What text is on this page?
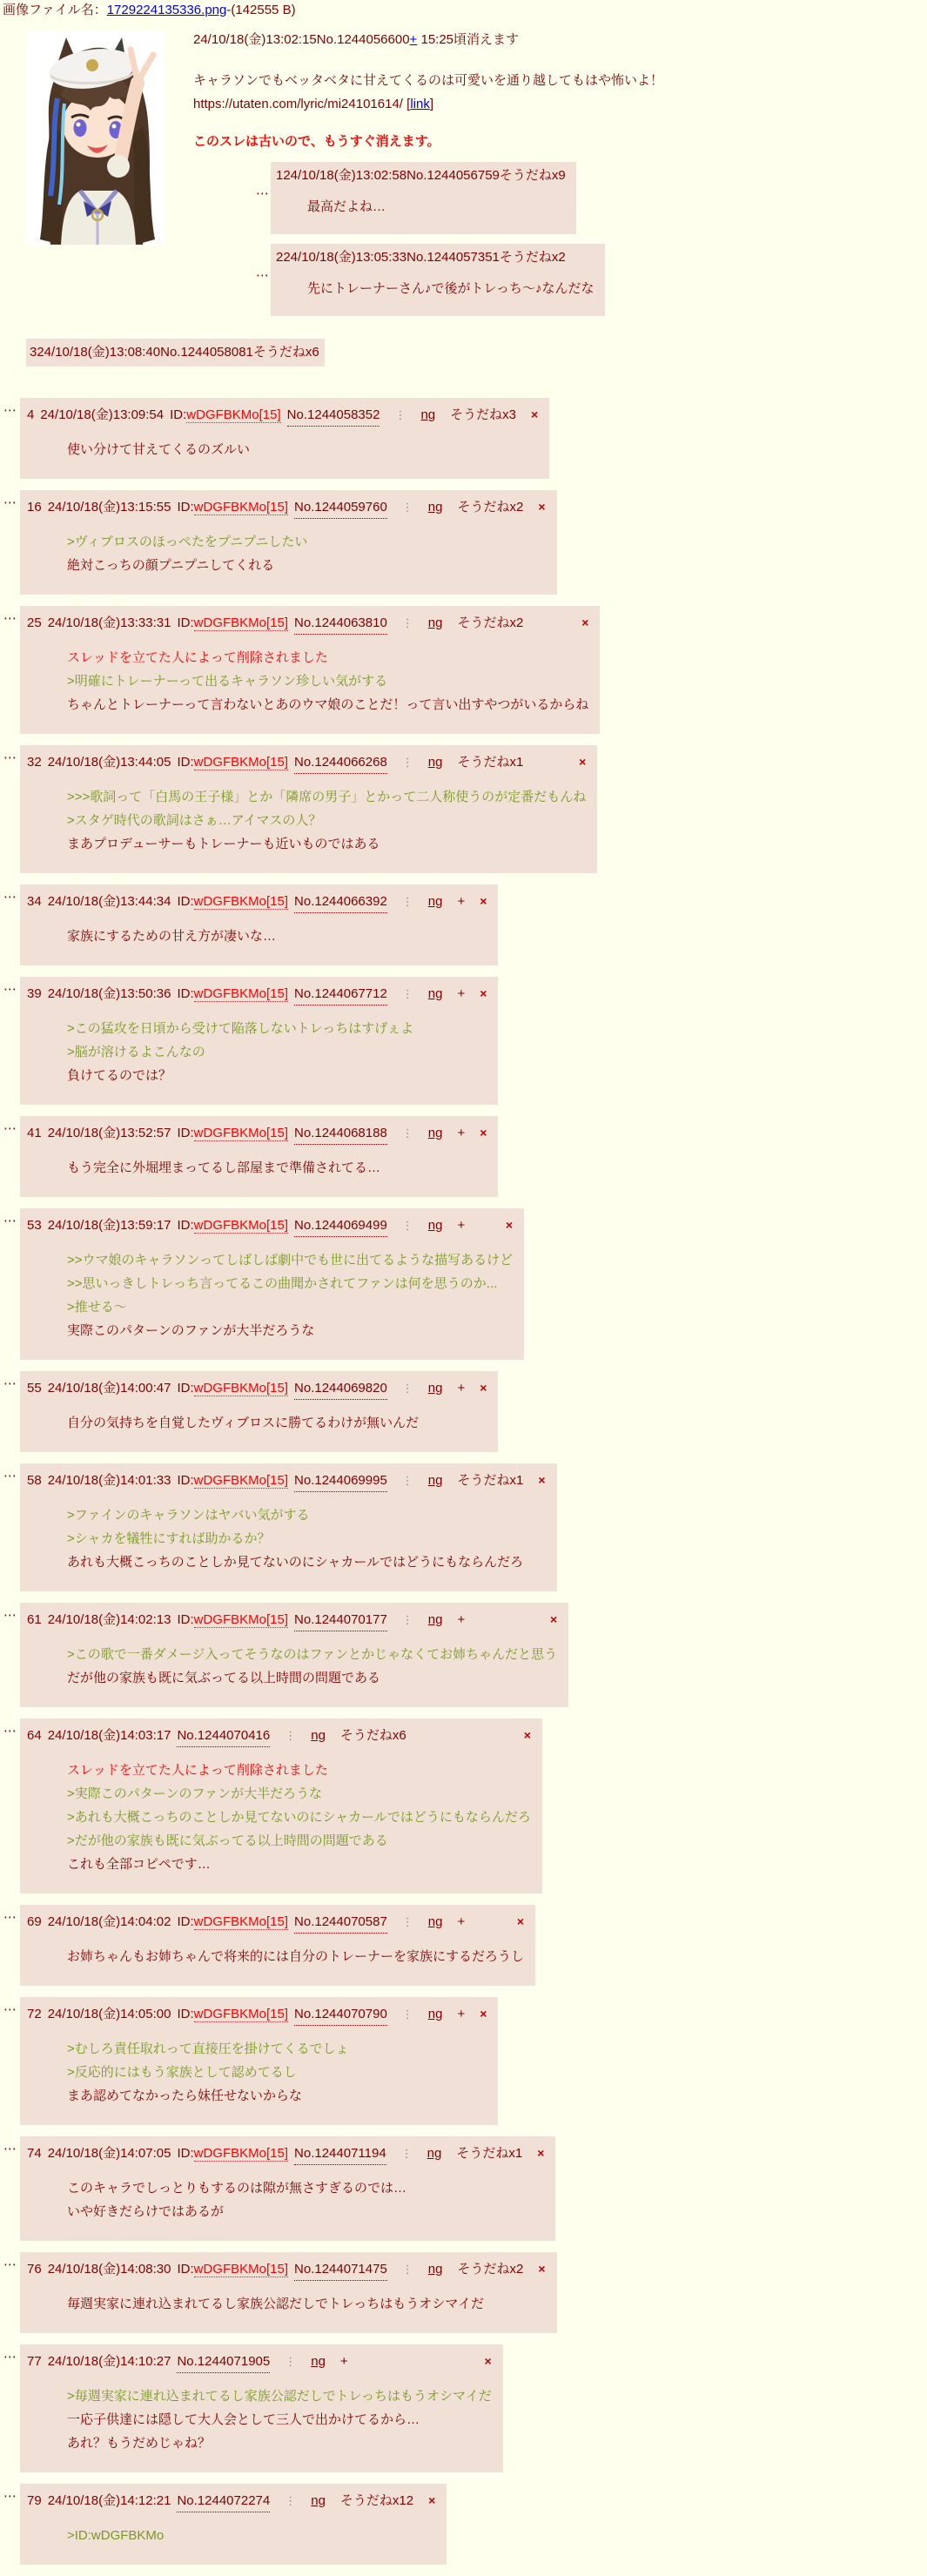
画像ファイル名：1729224135336.png-(142555 B)
24/10/18(金)13:02:15No.1244056600+ 15:25頃消えます
キャラソンでもベッタベタに甘えてくるのは可愛いを通り越してもはや怖いよ！
https://utaten.com/lyric/mi24101614/ [link]
このスレは古いので、もうすぐ消えます。
⋯
124/10/18(金)13:02:58No.1244056759そうだねx9
最高だよね…
⋯
224/10/18(金)13:05:33No.1244057351そうだねx2
先にトレーナーさん♪で後がトレっち～♪なんだな
324/10/18(金)13:08:40No.1244058081そうだねx6
⋯ 4 24/10/18(金)13:09:54 ID:wDGFBKMo[15] No.1244058352 ⋮ ng そうだねx3 ×
使い分けて甘えてくるのズルい
⋯ 16 24/10/18(金)13:15:55 ID:wDGFBKMo[15] No.1244059760 ⋮ ng そうだねx2 ×
>ヴィブロスのほっぺたをプニプニしたい
絶対こっちの顔プニプニしてくれる
⋯ 25 24/10/18(金)13:33:31 ID:wDGFBKMo[15] No.1244063810 ⋮ ng そうだねx2	×
スレッドを立てた人によって削除されました
>明確にトレーナーって出るキャラソン珍しい気がする
ちゃんとトレーナーって言わないとあのウマ娘のことだ！って言い出すやつがいるからね
⋯ 32 24/10/18(金)13:44:05 ID:wDGFBKMo[15] No.1244066268 ⋮ ng そうだねx1	×
>>>歌詞って「白馬の王子様」とか「隣席の男子」とかって二人称使うのが定番だもんね
>スタゲ時代の歌詞はさぁ…アイマスの人？
まあプロデューサーもトレーナーも近いものではある
⋯ 34 24/10/18(金)13:44:34 ID:wDGFBKMo[15] No.1244066392 ⋮ ng + ×
家族にするための甘え方が凄いな…
⋯ 39 24/10/18(金)13:50:36 ID:wDGFBKMo[15] No.1244067712 ⋮ ng + ×
>この猛攻を日頃から受けて陥落しないトレっちはすげぇよ
>脳が溶けるよこんなの
負けてるのでは？
⋯ 41 24/10/18(金)13:52:57 ID:wDGFBKMo[15] No.1244068188 ⋮ ng + ×
もう完全に外堀埋まってるし部屋まで準備されてる…
⋯ 53 24/10/18(金)13:59:17 ID:wDGFBKMo[15] No.1244069499 ⋮ ng +	×
>>ウマ娘のキャラソンってしばしば劇中でも世に出てるような描写あるけど
>>思いっきしトレっち言ってるこの曲聞かされてファンは何を思うのか...
>推せる～
実際このパターンのファンが大半だろうな
⋯ 55 24/10/18(金)14:00:47 ID:wDGFBKMo[15] No.1244069820 ⋮ ng + ×
自分の気持ちを自覚したヴィブロスに勝てるわけが無いんだ
⋯ 58 24/10/18(金)14:01:33 ID:wDGFBKMo[15] No.1244069995 ⋮ ng そうだねx1 ×
>ファインのキャラソンはヤバい気がする
>シャカを犠牲にすれば助かるか？
あれも大概こっちのことしか見てないのにシャカールではどうにもならんだろ
⋯ 61 24/10/18(金)14:02:13 ID:wDGFBKMo[15] No.1244070177 ⋮ ng +	×
>この歌で一番ダメージ入ってそうなのはファンとかじゃなくてお姉ちゃんだと思う
だが他の家族も既に気ぶってる以上時間の問題である
⋯ 64 24/10/18(金)14:03:17 No.1244070416 ⋮ ng そうだねx6	×
スレッドを立てた人によって削除されました
>実際このパターンのファンが大半だろうな
>あれも大概こっちのことしか見てないのにシャカールではどうにもならんだろ
>だが他の家族も既に気ぶってる以上時間の問題である
これも全部コピペです…
⋯ 69 24/10/18(金)14:04:02 ID:wDGFBKMo[15] No.1244070587 ⋮ ng +	×
お姉ちゃんもお姉ちゃんで将来的には自分のトレーナーを家族にするだろうし
⋯ 72 24/10/18(金)14:05:00 ID:wDGFBKMo[15] No.1244070790 ⋮ ng + ×
>むしろ責任取れって直接圧を掛けてくるでしょ
>反応的にはもう家族として認めてるし
まあ認めてなかったら妹任せないからな
⋯ 74 24/10/18(金)14:07:05 ID:wDGFBKMo[15] No.1244071194 ⋮ ng そうだねx1 ×
このキャラでしっとりもするのは隙が無さすぎるのでは…
いや好きだらけではあるが
⋯ 76 24/10/18(金)14:08:30 ID:wDGFBKMo[15] No.1244071475 ⋮ ng そうだねx2 ×
毎週実家に連れ込まれてるし家族公認だしでトレっちはもうオシマイだ
⋯ 77 24/10/18(金)14:10:27 No.1244071905 ⋮ ng +	×
>毎週実家に連れ込まれてるし家族公認だしでトレっちはもうオシマイだ
一応子供達には隠して大人会として三人で出かけてるから…
あれ？もうだめじゃね？
⋯ 79 24/10/18(金)14:12:21 No.1244072274 ⋮ ng そうだねx12 ×
>ID:wDGFBKMo
